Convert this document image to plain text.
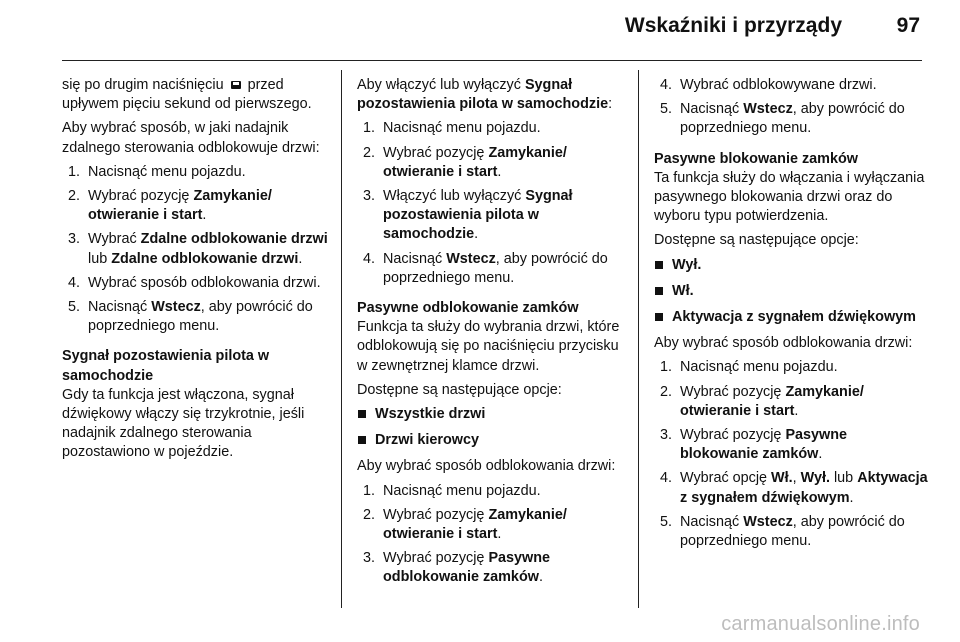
Wskaźniki i przyrządy	97

się po drugim naciśnięciu przed upływem pięciu sekund od pierwszego.

Aby wybrać sposób, w jaki nadajnik zdalnego sterowania odblokowuje drzwi:

1. Nacisnąć menu pojazdu.
2. Wybrać pozycję Zamykanie/ otwieranie i start.
3. Wybrać Zdalne odblokowanie drzwi lub Zdalne odblokowanie drzwi.
4. Wybrać sposób odblokowania drzwi.
5. Nacisnąć Wstecz, aby powrócić do poprzedniego menu.
Sygnał pozostawienia pilota w samochodzie

Gdy ta funkcja jest włączona, sygnał dźwiękowy włączy się trzykrotnie, jeśli nadajnik zdalnego sterowania pozostawiono w pojeździe.

Aby włączyć lub wyłączyć Sygnał pozostawienia pilota w samochodzie:

1. Nacisnąć menu pojazdu.
2. Wybrać pozycję Zamykanie/ otwieranie i start.
3. Włączyć lub wyłączyć Sygnał pozostawienia pilota w samochodzie.
4. Nacisnąć Wstecz, aby powrócić do poprzedniego menu.
Pasywne odblokowanie zamków

Funkcja ta służy do wybrania drzwi, które odblokowują się po naciśnięciu przycisku w zewnętrznej klamce drzwi.

Dostępne są następujące opcje:

Wszystkie drzwi
Drzwi kierowcy

Aby wybrać sposób odblokowania drzwi:

1. Nacisnąć menu pojazdu.
2. Wybrać pozycję Zamykanie/ otwieranie i start.
3. Wybrać pozycję Pasywne odblokowanie zamków.
4. Wybrać odblokowywane drzwi.
5. Nacisnąć Wstecz, aby powrócić do poprzedniego menu.
Pasywne blokowanie zamków

Ta funkcja służy do włączania i wyłączania pasywnego blokowania drzwi oraz do wyboru typu potwierdzenia.

Dostępne są następujące opcje:

Wył.
Wł.
Aktywacja z sygnałem dźwiękowym

Aby wybrać sposób odblokowania drzwi:

1. Nacisnąć menu pojazdu.
2. Wybrać pozycję Zamykanie/ otwieranie i start.
3. Wybrać pozycję Pasywne blokowanie zamków.
4. Wybrać opcję Wł., Wył. lub Aktywacja z sygnałem dźwiękowym.
5. Nacisnąć Wstecz, aby powrócić do poprzedniego menu.
carmanualsonline.info
